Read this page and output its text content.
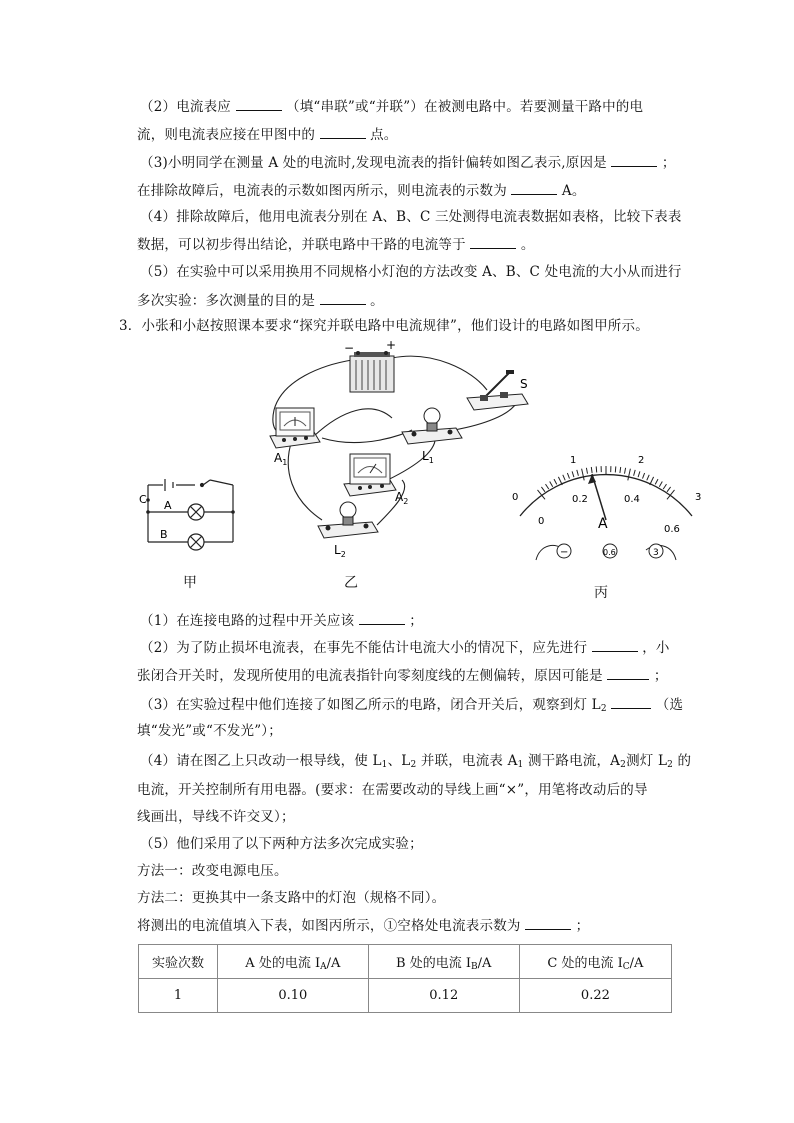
（2）电流表应	（填“串联”或“并联”）在被测电路中。若要测量干路中的电
流，则电流表应接在甲图中的	点。
（3)小明同学在测量 A 处的电流时,发现电流表的指针偏转如图乙表示,原因是	；
在排除故障后，电流表的示数如图丙所示，则电流表的示数为	A。
（4）排除故障后，他用电流表分别在 A、B、C 三处测得电流表数据如表格，比较下表表
数据，可以初步得出结论，并联电路中干路的电流等于	。
（5）在实验中可以采用换用不同规格小灯泡的方法改变 A、B、C 处电流的大小从而进行
多次实验：多次测量的目的是	。
3．小张和小赵按照课本要求“探究并联电路中电流规律”，他们设计的电路如图甲所示。
C A
B
甲
−	+
S
$A_1$	$L_1$
$A_2$
$L_2$
乙
0
1	2
3
0
0.2	0.4
0.6
A
−	0.6	3
丙
（1）在连接电路的过程中开关应该	；
（2）为了防止损坏电流表，在事先不能估计电流大小的情况下，应先进行	，小
张闭合开关时，发现所使用的电流表指针向零刻度线的左侧偏转，原因可能是	；
（3）在实验过程中他们连接了如图乙所示的电路，闭合开关后，观察到灯 $L_2$	（选
填“发光”或“不发光”）；
（4）请在图乙上只改动一根导线，使 $L_1$、$L_2$ 并联，电流表 $A_1$ 测干路电流，$A_2$测灯 $L_2$ 的
电流，开关控制所有用电器。(要求：在需要改动的导线上画“×”，用笔将改动后的导
线画出，导线不许交叉）；
（5）他们采用了以下两种方法多次完成实验；
方法一：改变电源电压。
方法二：更换其中一条支路中的灯泡（规格不同）。
将测出的电流值填入下表，如图丙所示，①空格处电流表示数为	；
实验次数	A 处的电流 $I_A/A$	B 处的电流 $I_B/A$	C 处的电流 $I_C/A$
1	0.10	0.12	0.22
